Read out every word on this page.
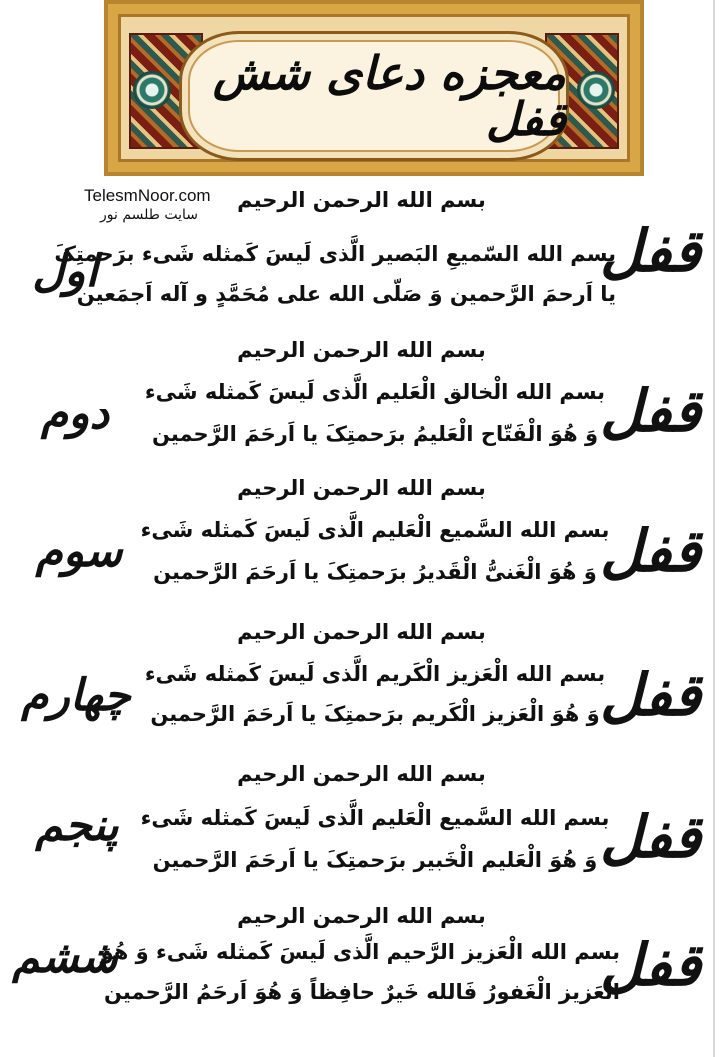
معجزه دعای شش قفل
TelesmNoor.com
سایت طلسم نور
بسم الله الرحمن الرحیم
قفل
بسم الله السّمیعِ البَصیر الَّذی لَیسَ کَمثله شَیء برَحمتِکَ
یا اَرحمَ الرَّحمین وَ صَلّی الله علی مُحَمَّدٍ و آله اَجمَعین
اول
بسم الله الرحمن الرحیم
قفل
بسم الله الْخالق الْعَلیم الَّذی لَیسَ کَمثله شَیء
وَ هُوَ الْفَتّاح الْعَلیمُ برَحمتِکَ یا اَرحَمَ الرَّحمین
دوم
بسم الله الرحمن الرحیم
قفل
بسم الله السَّمیع الْعَلیم الَّذی لَیسَ کَمثله شَیء
وَ هُوَ الْغَنیُّ الْقَدیرُ برَحمتِکَ یا اَرحَمَ الرَّحمین
سوم
بسم الله الرحمن الرحیم
قفل
بسم الله الْعَزیز الْکَریم الَّذی لَیسَ کَمثله شَیء
وَ هُوَ الْعَزیز الْکَریم برَحمتِکَ یا اَرحَمَ الرَّحمین
چهارم
بسم الله الرحمن الرحیم
قفل
بسم الله السَّمیع الْعَلیم الَّذی لَیسَ کَمثله شَیء
وَ هُوَ الْعَلیم الْخَبیر برَحمتِکَ یا اَرحَمَ الرَّحمین
پنجم
بسم الله الرحمن الرحیم
قفل
بسم الله الْعَزیز الرَّحیم الَّذی لَیسَ کَمثله شَیء وَ هُوَ
الْعَزیز الْغَفورُ فَالله خَیرٌ حافِظاً وَ هُوَ اَرحَمُ الرَّحمین
ششم
